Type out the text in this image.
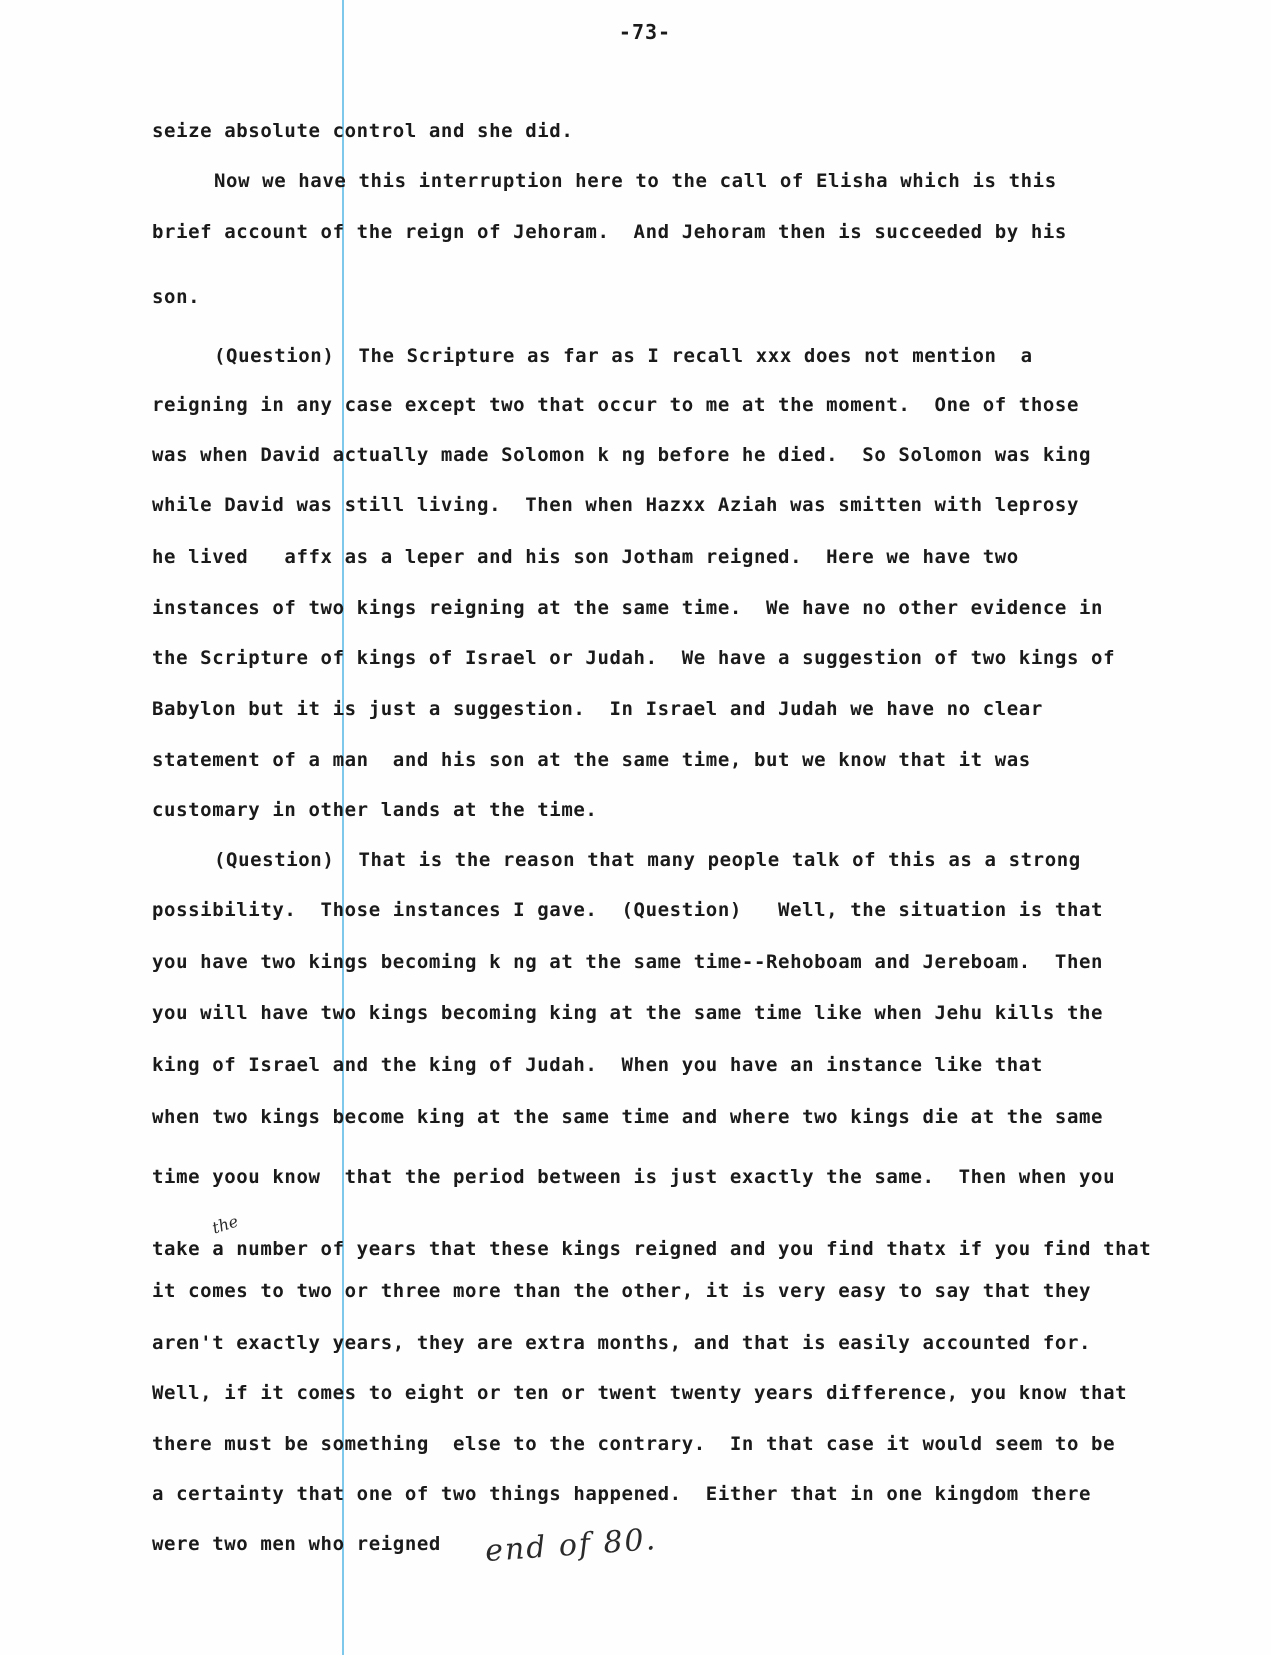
-73-
seize absolute control and she did.
Now we have this interruption here to the call of Elisha which is this
brief account of the reign of Jehoram.  And Jehoram then is succeeded by his
son.
(Question)  The Scripture as far as I recall xxx does not mention  a
reigning in any case except two that occur to me at the moment.  One of those
was when David actually made Solomon k ng before he died.  So Solomon was king
while David was still living.  Then when Hazxx Aziah was smitten with leprosy
he lived   affx as a leper and his son Jotham reigned.  Here we have two
instances of two kings reigning at the same time.  We have no other evidence in
the Scripture of kings of Israel or Judah.  We have a suggestion of two kings of
Babylon but it is just a suggestion.  In Israel and Judah we have no clear
statement of a man  and his son at the same time, but we know that it was
customary in other lands at the time.
(Question)  That is the reason that many people talk of this as a strong
possibility.  Those instances I gave.  (Question)   Well, the situation is that
you have two kings becoming k ng at the same time--Rehoboam and Jereboam.  Then
you will have two kings becoming king at the same time like when Jehu kills the
king of Israel and the king of Judah.  When you have an instance like that
when two kings become king at the same time and where two kings die at the same
time yoou know  that the period between is just exactly the same.  Then when you
take a number of years that these kings reigned and you find thatx if you find that
it comes to two or three more than the other, it is very easy to say that they
aren't exactly years, they are extra months, and that is easily accounted for.
Well, if it comes to eight or ten or twent twenty years difference, you know that
there must be something  else to the contrary.  In that case it would seem to be
a certainty that one of two things happened.  Either that in one kingdom there
were two men who reigned
the
end of 80.
